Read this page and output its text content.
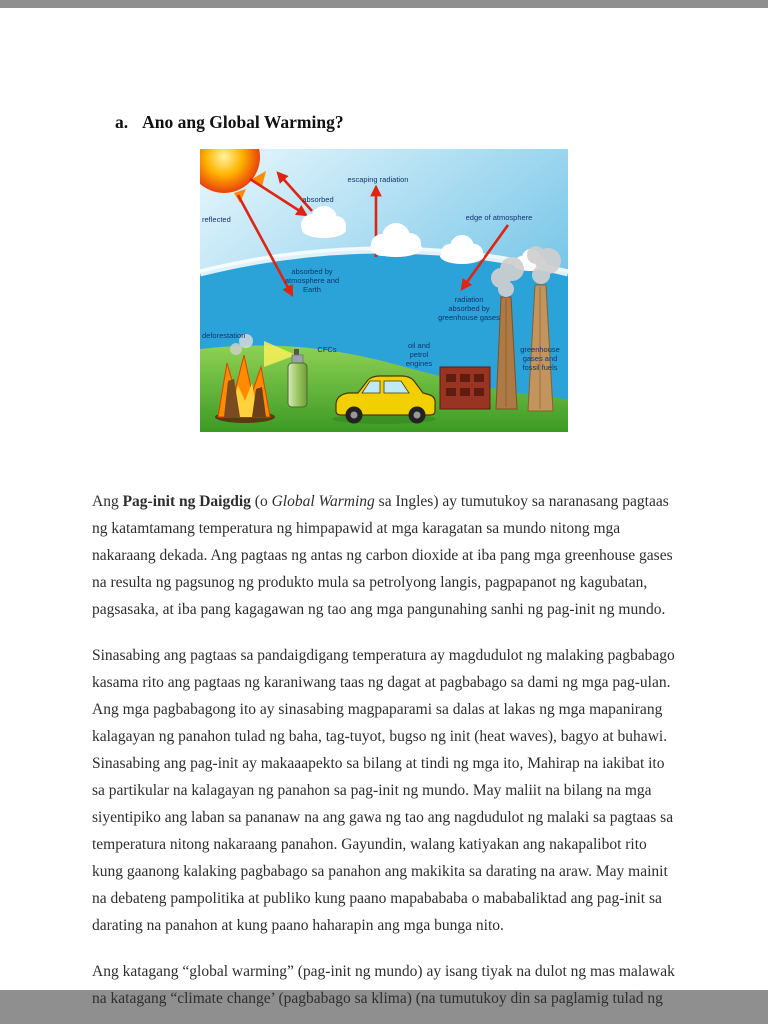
a. Ano ang Global Warming?
escaping radiation
absorbed
reflected	edge of atmosphere
absorbed by atmosphere and Earth
radiation absorbed by greenhouse gases
deforestation
CFCs	oil and petrol engines
greenhouse gases and fossil fuels

Ang Pag-init ng Daigdig (o Global Warming sa Ingles) ay tumutukoy sa naranasang pagtaas ng katamtamang temperatura ng himpapawid at mga karagatan sa mundo nitong mga nakaraang dekada. Ang pagtaas ng antas ng carbon dioxide at iba pang mga greenhouse gases na resulta ng pagsunog ng produkto mula sa petrolyong langis, pagpapanot ng kagubatan, pagsasaka, at iba pang kagagawan ng tao ang mga pangunahing sanhi ng pag-init ng mundo.

Sinasabing ang pagtaas sa pandaigdigang temperatura ay magdudulot ng malaking pagbabago kasama rito ang pagtaas ng karaniwang taas ng dagat at pagbabago sa dami ng mga pag-ulan. Ang mga pagbabagong ito ay sinasabing magpaparami sa dalas at lakas ng mga mapanirang kalagayan ng panahon tulad ng baha, tag-tuyot, bugso ng init (heat waves), bagyo at buhawi. Sinasabing ang pag-init ay makaaapekto sa bilang at tindi ng mga ito, Mahirap na iakibat ito sa partikular na kalagayan ng panahon sa pag-init ng mundo. May maliit na bilang na mga siyentipiko ang laban sa pananaw na ang gawa ng tao ang nagdudulot ng malaki sa pagtaas sa temperatura nitong nakaraang panahon. Gayundin, walang katiyakan ang nakapalibot rito kung gaanong kalaking pagbabago sa panahon ang makikita sa darating na araw. May mainit na debateng pampolitika at publiko kung paano mapabababa o mababaliktad ang pag-init sa darating na panahon at kung paano haharapin ang mga bunga nito.

Ang katagang “global warming” (pag-init ng mundo) ay isang tiyak na dulot ng mas malawak na katagang “climate change’ (pagbabago sa klima) (na tumutukoy din sa paglamig tulad ng
